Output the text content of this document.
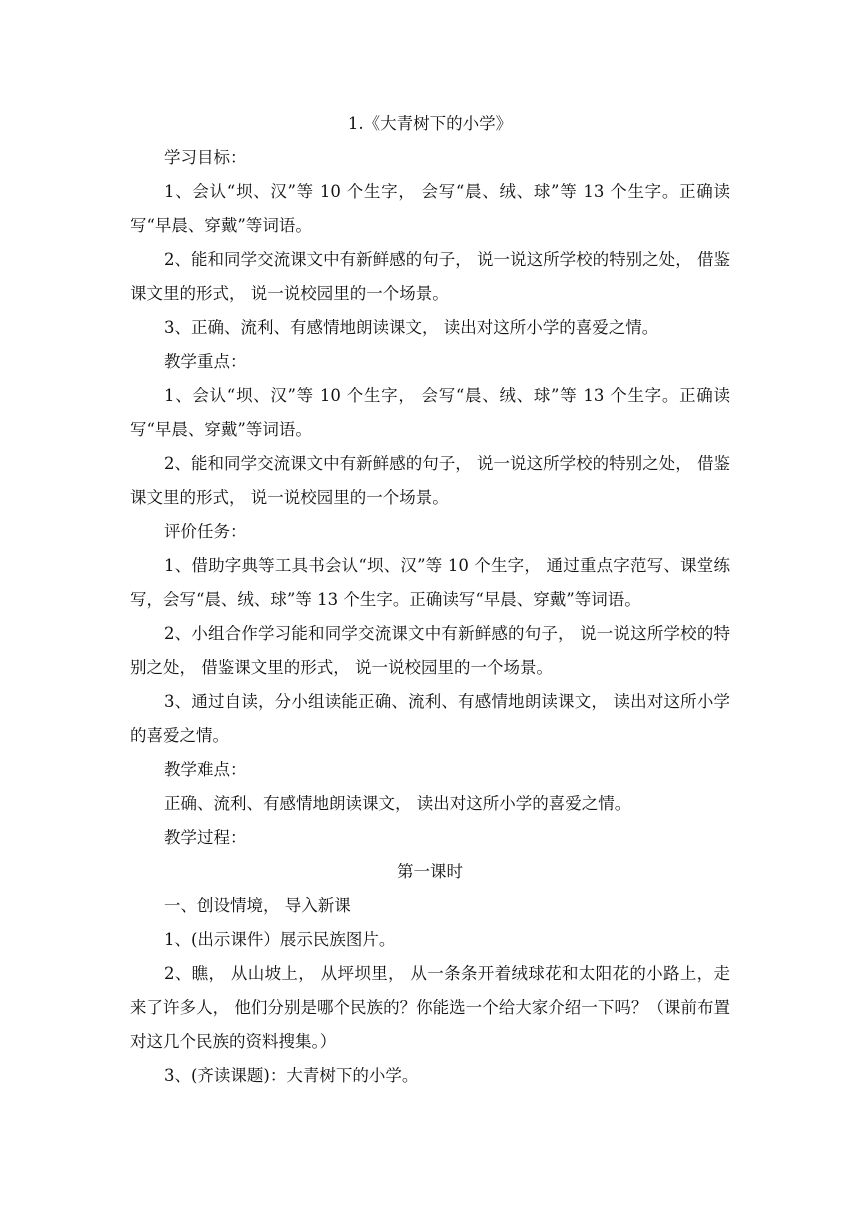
1.《大青树下的小学》
学习目标：
1、会认“坝、汉”等 10 个生字， 会写“晨、绒、球”等 13 个生字。正确读写“早晨、穿戴”等词语。
2、能和同学交流课文中有新鲜感的句子， 说一说这所学校的特别之处， 借鉴课文里的形式， 说一说校园里的一个场景。
3、正确、流利、有感情地朗读课文， 读出对这所小学的喜爱之情。
教学重点：
1、会认“坝、汉”等 10 个生字， 会写“晨、绒、球”等 13 个生字。正确读写“早晨、穿戴”等词语。
2、能和同学交流课文中有新鲜感的句子， 说一说这所学校的特别之处， 借鉴课文里的形式， 说一说校园里的一个场景。
评价任务：
1、借助字典等工具书会认“坝、汉”等 10 个生字， 通过重点字范写、课堂练写，会写“晨、绒、球”等 13 个生字。正确读写“早晨、穿戴”等词语。
2、小组合作学习能和同学交流课文中有新鲜感的句子， 说一说这所学校的特别之处， 借鉴课文里的形式， 说一说校园里的一个场景。
3、通过自读，分小组读能正确、流利、有感情地朗读课文， 读出对这所小学的喜爱之情。
教学难点：
正确、流利、有感情地朗读课文， 读出对这所小学的喜爱之情。
教学过程：
第一课时
一、创设情境， 导入新课
1、(出示课件）展示民族图片。
2、瞧， 从山坡上， 从坪坝里， 从一条条开着绒球花和太阳花的小路上，走来了许多人， 他们分别是哪个民族的？你能选一个给大家介绍一下吗？（课前布置对这几个民族的资料搜集。）
3、(齐读课题)：大青树下的小学。
